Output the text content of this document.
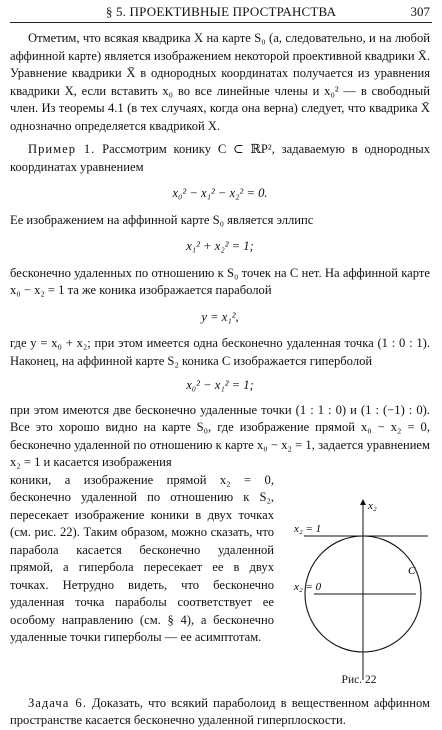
§ 5. ПРОЕКТИВНЫЕ ПРОСТРАНСТВА	307

Отметим, что всякая квадрика X на карте S₀ (а, следовательно, и на любой аффинной карте) является изображением некоторой проективной квадрики X̄. Уравнение квадрики X̄ в однородных координатах получается из уравнения квадрики X, если вставить x₀ во все линейные члены и x₀² — в свободный член. Из теоремы 4.1 (в тех случаях, когда она верна) следует, что квадрика X̄ однозначно определяется квадрикой X.

Пример 1. Рассмотрим конику C ⊂ ℝP², задаваемую в однородных координатах уравнением

x₀² − x₁² − x₂² = 0.

Ее изображением на аффинной карте S₀ является эллипс

x₁² + x₂² = 1;

бесконечно удаленных по отношению к S₀ точек на C нет. На аффинной карте x₀ − x₂ = 1 та же коника изображается параболой

y = x₁²,

где y = x₀ + x₂; при этом имеется одна бесконечно удаленная точка (1 : 0 : 1). Наконец, на аффинной карте S₂ коника C изображается гиперболой

x₀² − x₁² = 1;

при этом имеются две бесконечно удаленные точки (1 : 1 : 0) и (1 : (−1) : 0). Все это хорошо видно на карте S₀, где изображение прямой x₀ − x₂ = 0, бесконечно удаленной по отношению к карте x₀ − x₂ = 1, задается уравнением x₂ = 1 и касается изображения

коники, а изображение прямой x₂ = 0, бесконечно удаленной по отношению к S₂, пересекает изображение коники в двух точках (см. рис. 22). Таким образом, можно сказать, что парабола касается бесконечно удаленной прямой, а гипербола пересекает ее в двух точках. Нетрудно видеть, что бесконечно удаленная точка параболы соответствует ее особому направлению (см. § 4), а бесконечно удаленные точки гиперболы — ее асимптотам.

x₂
x₂ = 1
x₂ = 0
C
Рис. 22

Задача 6. Доказать, что всякий параболоид в вещественном аффинном пространстве касается бесконечно удаленной гиперплоскости.
